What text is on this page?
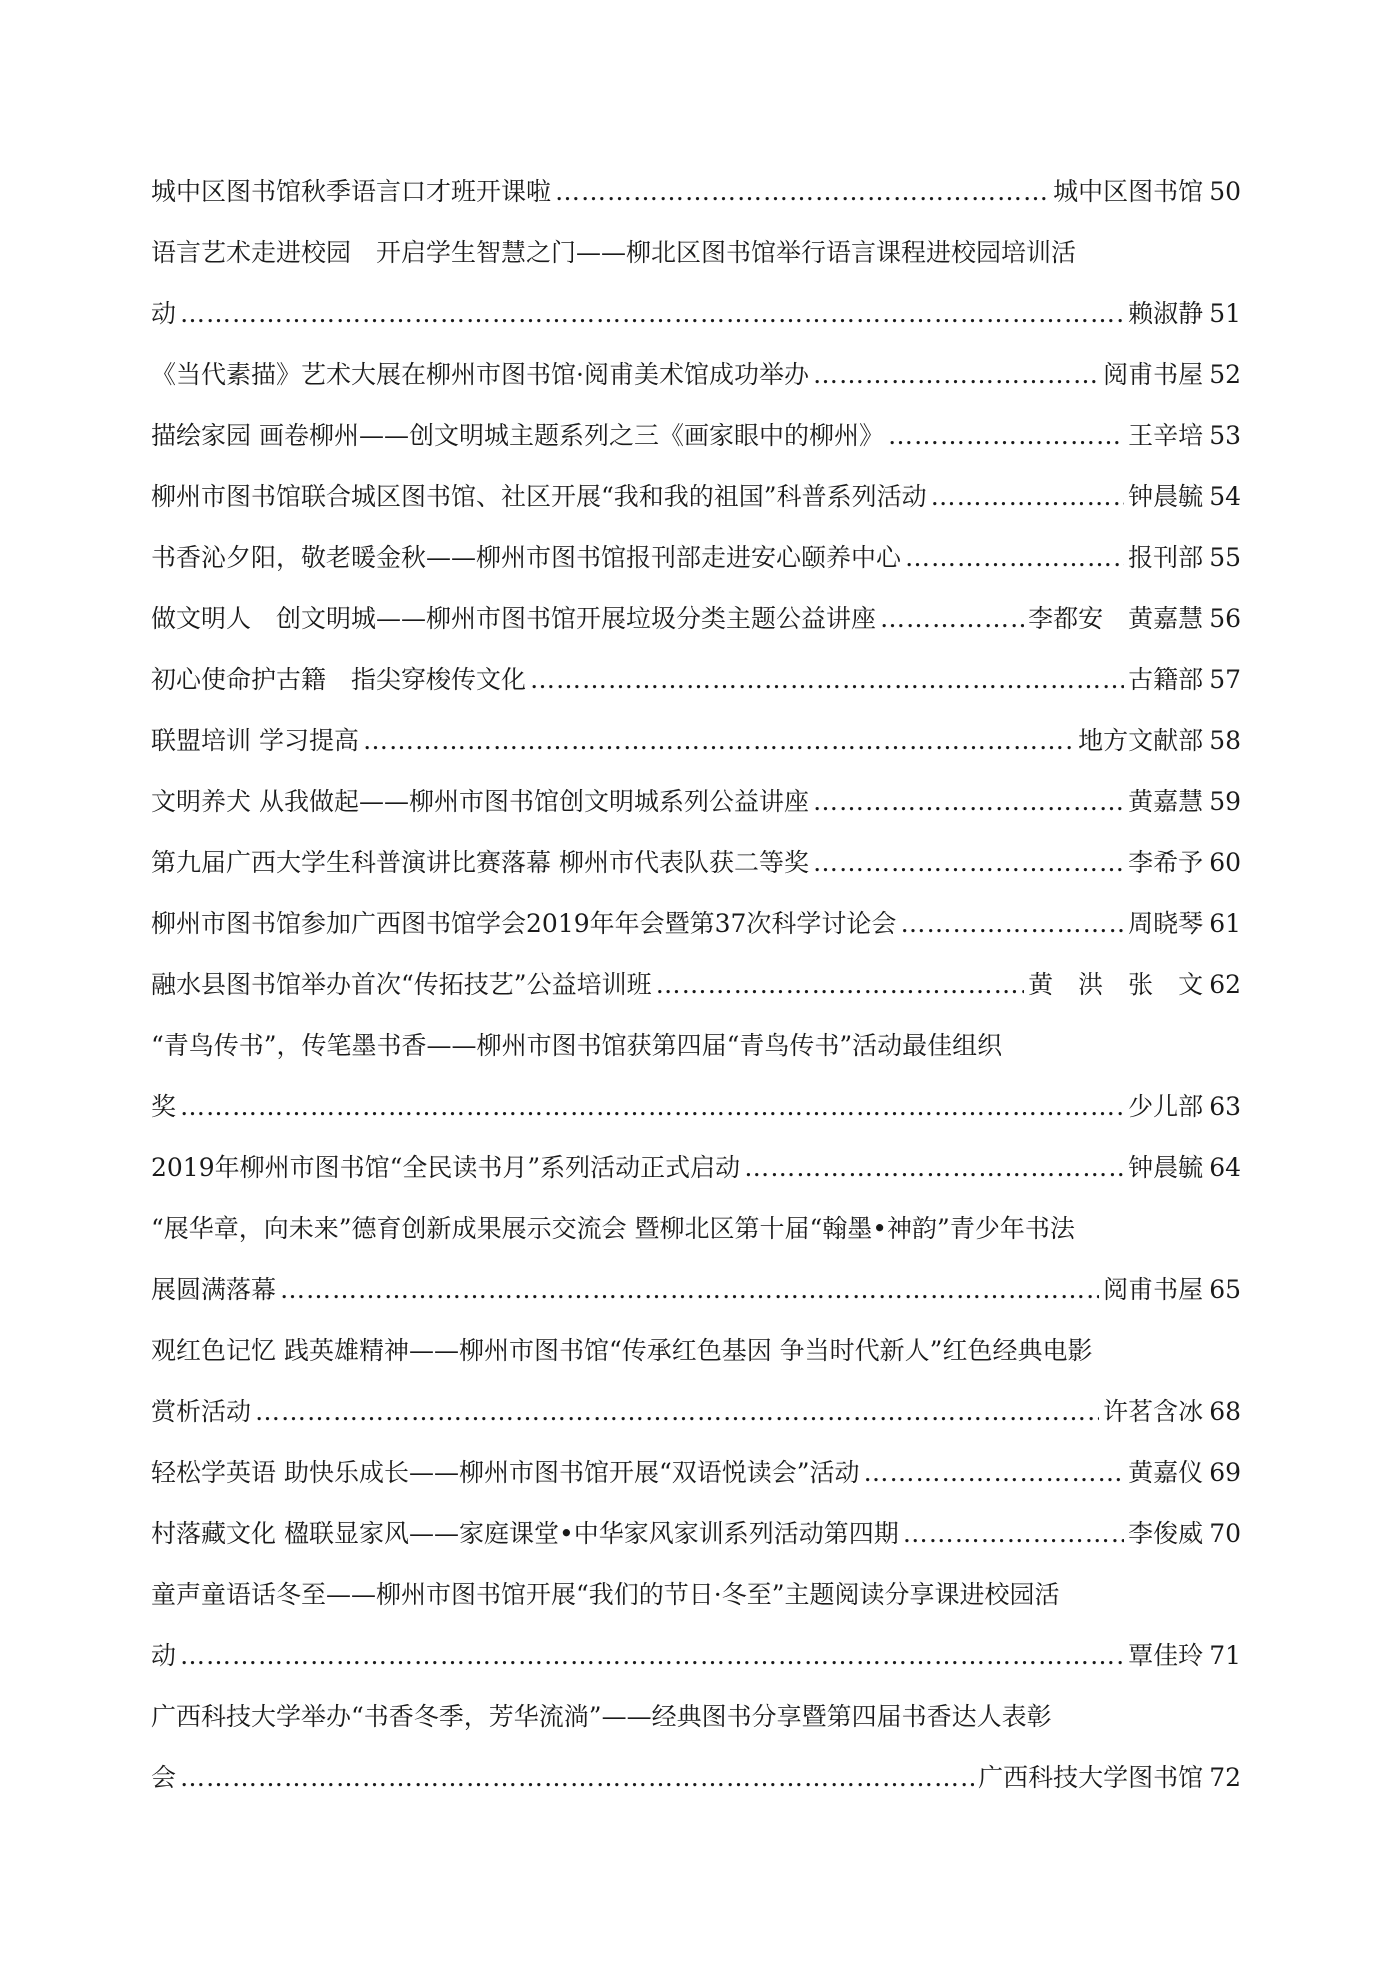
城中区图书馆秋季语言口才班开课啦 …………………………………………………………………………………………………………………………………………………………………………………………………	城中区图书馆 50
语言艺术走进校园　开启学生智慧之门——柳北区图书馆举行语言课程进校园培训活
动 …………………………………………………………………………………………………………………………………………………………………………………………………	赖淑静 51
《当代素描》艺术大展在柳州市图书馆·阅甫美术馆成功举办 …………………………………………………………………………………………………………………………………………………………………………………………………	阅甫书屋 52
描绘家园 画卷柳州——创文明城主题系列之三《画家眼中的柳州》 …………………………………………………………………………………………………………………………………………………………………………………………………	王辛培 53
柳州市图书馆联合城区图书馆、社区开展“我和我的祖国”科普系列活动 …………………………………………………………………………………………………………………………………………………………………………………………………	钟晨毓 54
书香沁夕阳，敬老暖金秋——柳州市图书馆报刊部走进安心颐养中心 …………………………………………………………………………………………………………………………………………………………………………………………………	报刊部 55
做文明人　创文明城——柳州市图书馆开展垃圾分类主题公益讲座 …………………………………………………………………………………………………………………………………………………………………………………………………	李都安　黄嘉慧 56
初心使命护古籍　指尖穿梭传文化 …………………………………………………………………………………………………………………………………………………………………………………………………	古籍部 57
联盟培训 学习提高 …………………………………………………………………………………………………………………………………………………………………………………………………	地方文献部 58
文明养犬 从我做起——柳州市图书馆创文明城系列公益讲座 …………………………………………………………………………………………………………………………………………………………………………………………………	黄嘉慧 59
第九届广西大学生科普演讲比赛落幕 柳州市代表队获二等奖 …………………………………………………………………………………………………………………………………………………………………………………………………	李希予 60
柳州市图书馆参加广西图书馆学会2019年年会暨第37次科学讨论会 …………………………………………………………………………………………………………………………………………………………………………………………………	周晓琴 61
融水县图书馆举办首次“传拓技艺”公益培训班 …………………………………………………………………………………………………………………………………………………………………………………………………	黄　洪　张　文 62
“青鸟传书”，传笔墨书香——柳州市图书馆获第四届“青鸟传书”活动最佳组织
奖 …………………………………………………………………………………………………………………………………………………………………………………………………	少儿部 63
2019年柳州市图书馆“全民读书月”系列活动正式启动 …………………………………………………………………………………………………………………………………………………………………………………………………	钟晨毓 64
“展华章，向未来”德育创新成果展示交流会 暨柳北区第十届“翰墨•神韵”青少年书法
展圆满落幕 …………………………………………………………………………………………………………………………………………………………………………………………………	阅甫书屋 65
观红色记忆 践英雄精神——柳州市图书馆“传承红色基因 争当时代新人”红色经典电影
赏析活动 …………………………………………………………………………………………………………………………………………………………………………………………………	许茗含冰 68
轻松学英语 助快乐成长——柳州市图书馆开展“双语悦读会”活动 …………………………………………………………………………………………………………………………………………………………………………………………………	黄嘉仪 69
村落藏文化 楹联显家风——家庭课堂•中华家风家训系列活动第四期 …………………………………………………………………………………………………………………………………………………………………………………………………	李俊威 70
童声童语话冬至——柳州市图书馆开展“我们的节日·冬至”主题阅读分享课进校园活
动 …………………………………………………………………………………………………………………………………………………………………………………………………	覃佳玲 71
广西科技大学举办“书香冬季，芳华流淌”——经典图书分享暨第四届书香达人表彰
会 …………………………………………………………………………………………………………………………………………………………………………………………………	广西科技大学图书馆 72
